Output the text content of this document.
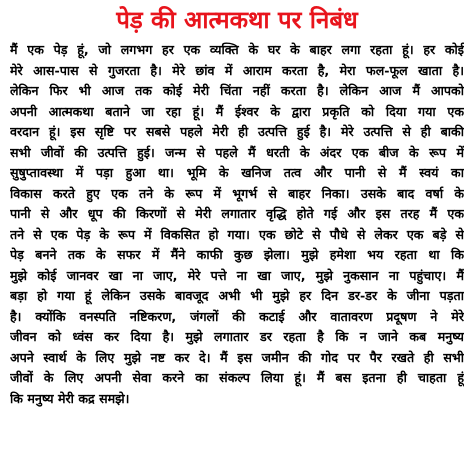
पेड़ की आत्मकथा पर निबंध
मैं एक पेड़ हूं, जो लगभग हर एक व्यक्ति के घर के बाहर लगा रहता हूं। हर कोई
मेरे आस-पास से गुजरता है। मेरे छांव में आराम करता है, मेरा फल-फूल खाता है।
लेकिन फिर भी आज तक कोई मेरी चिंता नहीं करता है। लेकिन आज मैं आपको
अपनी आत्मकथा बताने जा रहा हूं। मैं ईश्वर के द्वारा प्रकृति को दिया गया एक
वरदान हूं। इस सृष्टि पर सबसे पहले मेरी ही उत्पत्ति हुई है। मेरे उत्पत्ति से ही बाकी
सभी जीवों की उत्पत्ति हुई। जन्म से पहले मैं धरती के अंदर एक बीज के रूप में
सुषुप्तावस्था में पड़ा हुआ था। भूमि के खनिज तत्व और पानी से मैं स्वयं का
विकास करते हुए एक तने के रूप में भूगर्भ से बाहर निका। उसके बाद वर्षा के
पानी से और धूप की किरणों से मेरी लगातार वृद्धि होते गई और इस तरह मैं एक
तने से एक पेड़ के रूप में विकसित हो गया। एक छोटे से पौधे से लेकर एक बड़े से
पेड़ बनने तक के सफर में मैंने काफी कुछ झेला। मुझे हमेशा भय रहता था कि
मुझे कोई जानवर खा ना जाए, मेरे पत्ते ना खा जाए, मुझे नुकसान ना पहुंचाए। मैं
बड़ा हो गया हूं लेकिन उसके बावजूद अभी भी मुझे हर दिन डर-डर के जीना पड़ता
है। क्योंकि वनस्पति नष्टिकरण, जंगलों की कटाई और वातावरण प्रदूषण ने मेरे
जीवन को ध्वंस कर दिया है। मुझे लगातार डर रहता है कि न जाने कब मनुष्य
अपने स्वार्थ के लिए मुझे नष्ट कर दे। मैं इस जमीन की गोद पर पैर रखते ही सभी
जीवों के लिए अपनी सेवा करने का संकल्प लिया हूं। मैं बस इतना ही चाहता हूं
कि मनुष्य मेरी कद्र समझे।
